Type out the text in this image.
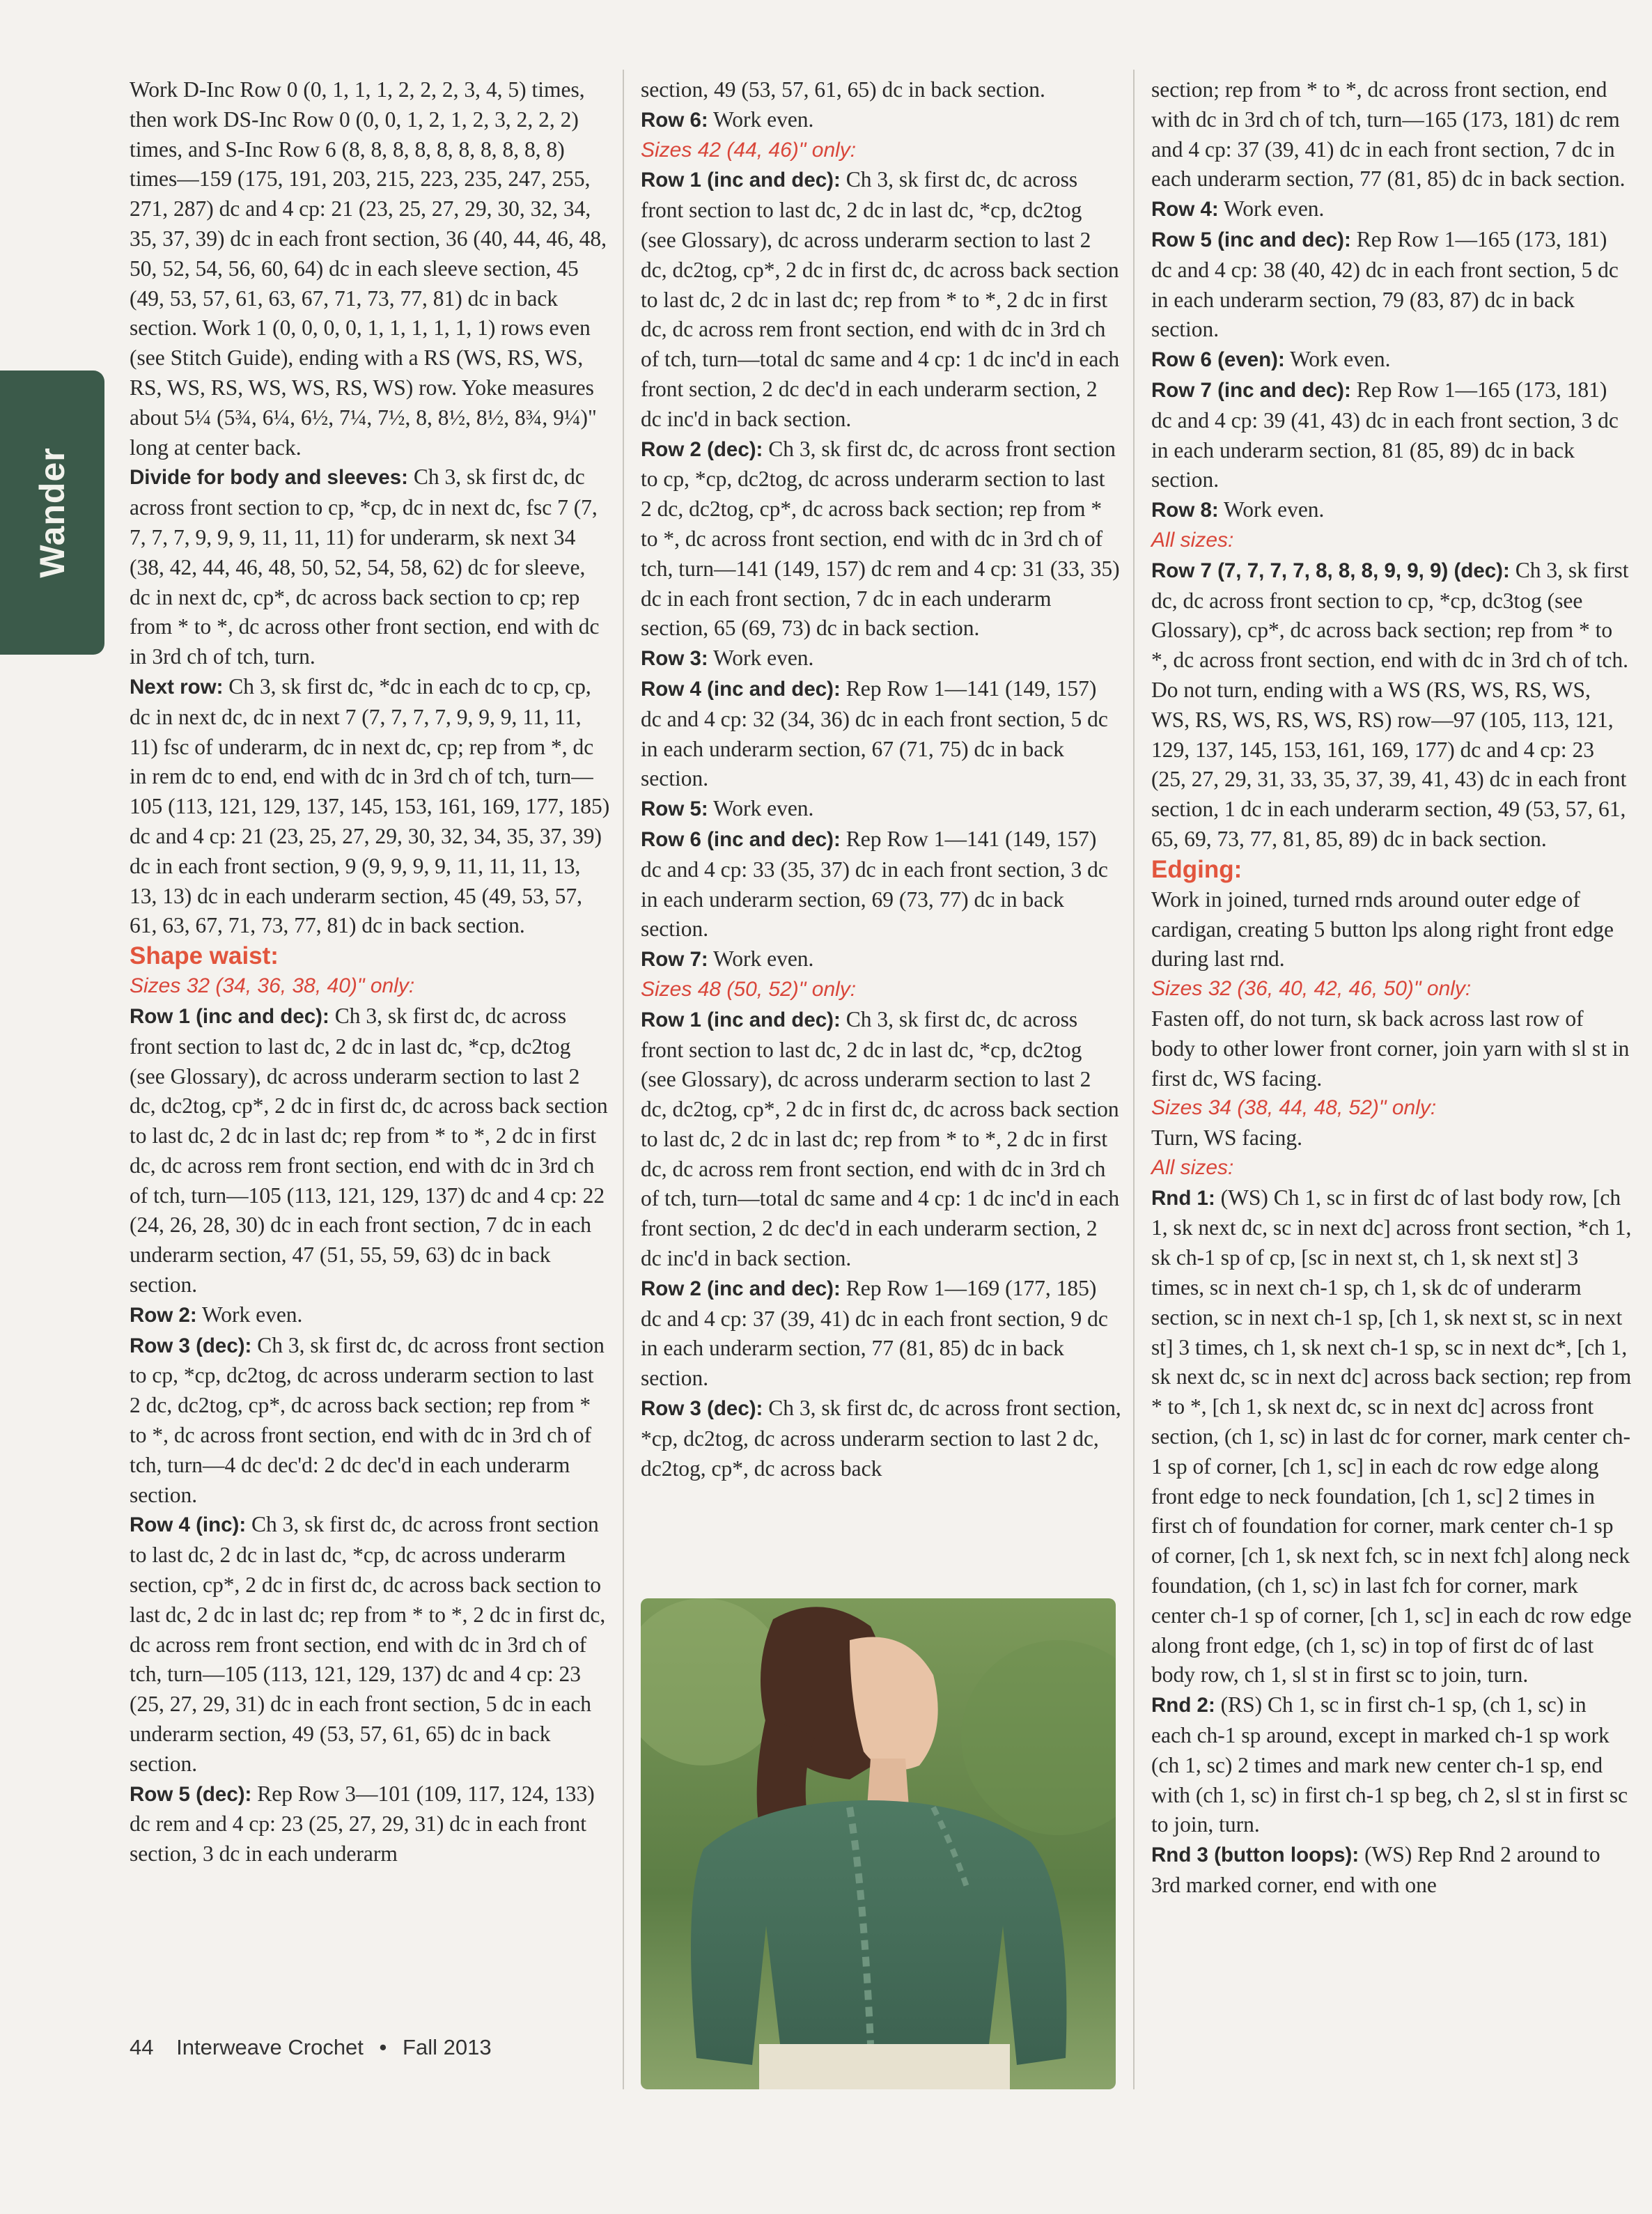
Wander

Work D-Inc Row 0 (0, 1, 1, 1, 2, 2, 2, 3, 4, 5) times, then work DS-Inc Row 0 (0, 0, 1, 2, 1, 2, 3, 2, 2, 2) times, and S-Inc Row 6 (8, 8, 8, 8, 8, 8, 8, 8, 8, 8) times—159 (175, 191, 203, 215, 223, 235, 247, 255, 271, 287) dc and 4 cp: 21 (23, 25, 27, 29, 30, 32, 34, 35, 37, 39) dc in each front section, 36 (40, 44, 46, 48, 50, 52, 54, 56, 60, 64) dc in each sleeve section, 45 (49, 53, 57, 61, 63, 67, 71, 73, 77, 81) dc in back section. Work 1 (0, 0, 0, 0, 1, 1, 1, 1, 1, 1) rows even (see Stitch Guide), ending with a RS (WS, RS, WS, RS, WS, RS, WS, WS, RS, WS) row. Yoke measures about 5¼ (5¾, 6¼, 6½, 7¼, 7½, 8, 8½, 8½, 8¾, 9¼)" long at center back.

Divide for body and sleeves: Ch 3, sk first dc, dc across front section to cp, *cp, dc in next dc, fsc 7 (7, 7, 7, 7, 9, 9, 9, 11, 11, 11) for underarm, sk next 34 (38, 42, 44, 46, 48, 50, 52, 54, 58, 62) dc for sleeve, dc in next dc, cp*, dc across back section to cp; rep from * to *, dc across other front section, end with dc in 3rd ch of tch, turn.

Next row: Ch 3, sk first dc, *dc in each dc to cp, cp, dc in next dc, dc in next 7 (7, 7, 7, 7, 9, 9, 9, 11, 11, 11) fsc of underarm, dc in next dc, cp; rep from *, dc in rem dc to end, end with dc in 3rd ch of tch, turn—105 (113, 121, 129, 137, 145, 153, 161, 169, 177, 185) dc and 4 cp: 21 (23, 25, 27, 29, 30, 32, 34, 35, 37, 39) dc in each front section, 9 (9, 9, 9, 9, 11, 11, 11, 13, 13, 13) dc in each underarm section, 45 (49, 53, 57, 61, 63, 67, 71, 73, 77, 81) dc in back section.

Shape waist:

Sizes 32 (34, 36, 38, 40)" only:

Row 1 (inc and dec): Ch 3, sk first dc, dc across front section to last dc, 2 dc in last dc, *cp, dc2tog (see Glossary), dc across underarm section to last 2 dc, dc2tog, cp*, 2 dc in first dc, dc across back section to last dc, 2 dc in last dc; rep from * to *, 2 dc in first dc, dc across rem front section, end with dc in 3rd ch of tch, turn—105 (113, 121, 129, 137) dc and 4 cp: 22 (24, 26, 28, 30) dc in each front section, 7 dc in each underarm section, 47 (51, 55, 59, 63) dc in back section.

Row 2: Work even.

Row 3 (dec): Ch 3, sk first dc, dc across front section to cp, *cp, dc2tog, dc across underarm section to last 2 dc, dc2tog, cp*, dc across back section; rep from * to *, dc across front section, end with dc in 3rd ch of tch, turn—4 dc dec'd: 2 dc dec'd in each underarm section.

Row 4 (inc): Ch 3, sk first dc, dc across front section to last dc, 2 dc in last dc, *cp, dc across underarm section, cp*, 2 dc in first dc, dc across back section to last dc, 2 dc in last dc; rep from * to *, 2 dc in first dc, dc across rem front section, end with dc in 3rd ch of tch, turn—105 (113, 121, 129, 137) dc and 4 cp: 23 (25, 27, 29, 31) dc in each front section, 5 dc in each underarm section, 49 (53, 57, 61, 65) dc in back section.

Row 5 (dec): Rep Row 3—101 (109, 117, 124, 133) dc rem and 4 cp: 23 (25, 27, 29, 31) dc in each front section, 3 dc in each underarm

section, 49 (53, 57, 61, 65) dc in back section.

Row 6: Work even.

Sizes 42 (44, 46)" only:

Row 1 (inc and dec): Ch 3, sk first dc, dc across front section to last dc, 2 dc in last dc, *cp, dc2tog (see Glossary), dc across underarm section to last 2 dc, dc2tog, cp*, 2 dc in first dc, dc across back section to last dc, 2 dc in last dc; rep from * to *, 2 dc in first dc, dc across rem front section, end with dc in 3rd ch of tch, turn—total dc same and 4 cp: 1 dc inc'd in each front section, 2 dc dec'd in each underarm section, 2 dc inc'd in back section.

Row 2 (dec): Ch 3, sk first dc, dc across front section to cp, *cp, dc2tog, dc across underarm section to last 2 dc, dc2tog, cp*, dc across back section; rep from * to *, dc across front section, end with dc in 3rd ch of tch, turn—141 (149, 157) dc rem and 4 cp: 31 (33, 35) dc in each front section, 7 dc in each underarm section, 65 (69, 73) dc in back section.

Row 3: Work even.

Row 4 (inc and dec): Rep Row 1—141 (149, 157) dc and 4 cp: 32 (34, 36) dc in each front section, 5 dc in each underarm section, 67 (71, 75) dc in back section.

Row 5: Work even.

Row 6 (inc and dec): Rep Row 1—141 (149, 157) dc and 4 cp: 33 (35, 37) dc in each front section, 3 dc in each underarm section, 69 (73, 77) dc in back section.

Row 7: Work even.

Sizes 48 (50, 52)" only:

Row 1 (inc and dec): Ch 3, sk first dc, dc across front section to last dc, 2 dc in last dc, *cp, dc2tog (see Glossary), dc across underarm section to last 2 dc, dc2tog, cp*, 2 dc in first dc, dc across back section to last dc, 2 dc in last dc; rep from * to *, 2 dc in first dc, dc across rem front section, end with dc in 3rd ch of tch, turn—total dc same and 4 cp: 1 dc inc'd in each front section, 2 dc dec'd in each underarm section, 2 dc inc'd in back section.

Row 2 (inc and dec): Rep Row 1—169 (177, 185) dc and 4 cp: 37 (39, 41) dc in each front section, 9 dc in each underarm section, 77 (81, 85) dc in back section.

Row 3 (dec): Ch 3, sk first dc, dc across front section, *cp, dc2tog, dc across underarm section to last 2 dc, dc2tog, cp*, dc across back

section; rep from * to *, dc across front section, end with dc in 3rd ch of tch, turn—165 (173, 181) dc rem and 4 cp: 37 (39, 41) dc in each front section, 7 dc in each underarm section, 77 (81, 85) dc in back section.

Row 4: Work even.

Row 5 (inc and dec): Rep Row 1—165 (173, 181) dc and 4 cp: 38 (40, 42) dc in each front section, 5 dc in each underarm section, 79 (83, 87) dc in back section.

Row 6 (even): Work even.

Row 7 (inc and dec): Rep Row 1—165 (173, 181) dc and 4 cp: 39 (41, 43) dc in each front section, 3 dc in each underarm section, 81 (85, 89) dc in back section.

Row 8: Work even.

All sizes:

Row 7 (7, 7, 7, 7, 8, 8, 8, 9, 9, 9) (dec): Ch 3, sk first dc, dc across front section to cp, *cp, dc3tog (see Glossary), cp*, dc across back section; rep from * to *, dc across front section, end with dc in 3rd ch of tch. Do not turn, ending with a WS (RS, WS, RS, WS, WS, RS, WS, RS, WS, RS) row—97 (105, 113, 121, 129, 137, 145, 153, 161, 169, 177) dc and 4 cp: 23 (25, 27, 29, 31, 33, 35, 37, 39, 41, 43) dc in each front section, 1 dc in each underarm section, 49 (53, 57, 61, 65, 69, 73, 77, 81, 85, 89) dc in back section.

Edging:

Work in joined, turned rnds around outer edge of cardigan, creating 5 button lps along right front edge during last rnd.

Sizes 32 (36, 40, 42, 46, 50)" only:

Fasten off, do not turn, sk back across last row of body to other lower front corner, join yarn with sl st in first dc, WS facing.

Sizes 34 (38, 44, 48, 52)" only:

Turn, WS facing.

All sizes:

Rnd 1: (WS) Ch 1, sc in first dc of last body row, [ch 1, sk next dc, sc in next dc] across front section, *ch 1, sk ch-1 sp of cp, [sc in next st, ch 1, sk next st] 3 times, sc in next ch-1 sp, ch 1, sk dc of underarm section, sc in next ch-1 sp, [ch 1, sk next st, sc in next st] 3 times, ch 1, sk next ch-1 sp, sc in next dc*, [ch 1, sk next dc, sc in next dc] across back section; rep from * to *, [ch 1, sk next dc, sc in next dc] across front section, (ch 1, sc) in last dc for corner, mark center ch-1 sp of corner, [ch 1, sc] in each dc row edge along front edge to neck foundation, [ch 1, sc] 2 times in first ch of foundation for corner, mark center ch-1 sp of corner, [ch 1, sk next fch, sc in next fch] along neck foundation, (ch 1, sc) in last fch for corner, mark center ch-1 sp of corner, [ch 1, sc] in each dc row edge along front edge, (ch 1, sc) in top of first dc of last body row, ch 1, sl st in first sc to join, turn.

Rnd 2: (RS) Ch 1, sc in first ch-1 sp, (ch 1, sc) in each ch-1 sp around, except in marked ch-1 sp work (ch 1, sc) 2 times and mark new center ch-1 sp, end with (ch 1, sc) in first ch-1 sp beg, ch 2, sl st in first sc to join, turn.

Rnd 3 (button loops): (WS) Rep Rnd 2 around to 3rd marked corner, end with one

44 Interweave Crochet • Fall 2013
